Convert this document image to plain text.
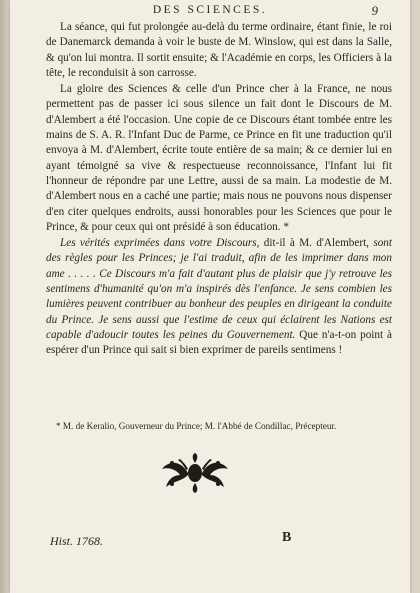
DES SCIENCES.	9

La séance, qui fut prolongée au-delà du terme ordinaire, étant finie, le roi de Danemarck demanda à voir le buste de M. Winslow, qui est dans la Salle, & qu'on lui montra. Il sortit ensuite; & l'Académie en corps, les Officiers à la tête, le reconduisit à son carrosse.

La gloire des Sciences & celle d'un Prince cher à la France, ne nous permettent pas de passer ici sous silence un fait dont le Discours de M. d'Alembert a été l'occasion. Une copie de ce Discours étant tombée entre les mains de S. A. R. l'Infant Duc de Parme, ce Prince en fit une traduction qu'il envoya à M. d'Alembert, écrite toute entière de sa main; & ce dernier lui en ayant témoigné sa vive & respectueuse reconnoissance, l'Infant lui fit l'honneur de répondre par une Lettre, aussi de sa main. La modestie de M. d'Alembert nous en a caché une partie; mais nous ne pouvons nous dispenser d'en citer quelques endroits, aussi honorables pour les Sciences que pour le Prince, & pour ceux qui ont présidé à son éducation. *

Les vérités exprimées dans votre Discours, dit-il à M. d'Alembert, sont des règles pour les Princes; je l'ai traduit, afin de les imprimer dans mon ame . . . . . Ce Discours m'a fait d'autant plus de plaisir que j'y retrouve les sentimens d'humanité qu'on m'a inspirés dès l'enfance. Je sens combien les lumières peuvent contribuer au bonheur des peuples en dirigeant la conduite du Prince. Je sens aussi que l'estime de ceux qui éclairent les Nations est capable d'adoucir toutes les peines du Gouvernement. Que n'a-t-on point à espérer d'un Prince qui sait si bien exprimer de pareils sentimens !

* M. de Keralio, Gouverneur du Prince; M. l'Abbé de Condillac, Précepteur.
Hist. 1768.	B
